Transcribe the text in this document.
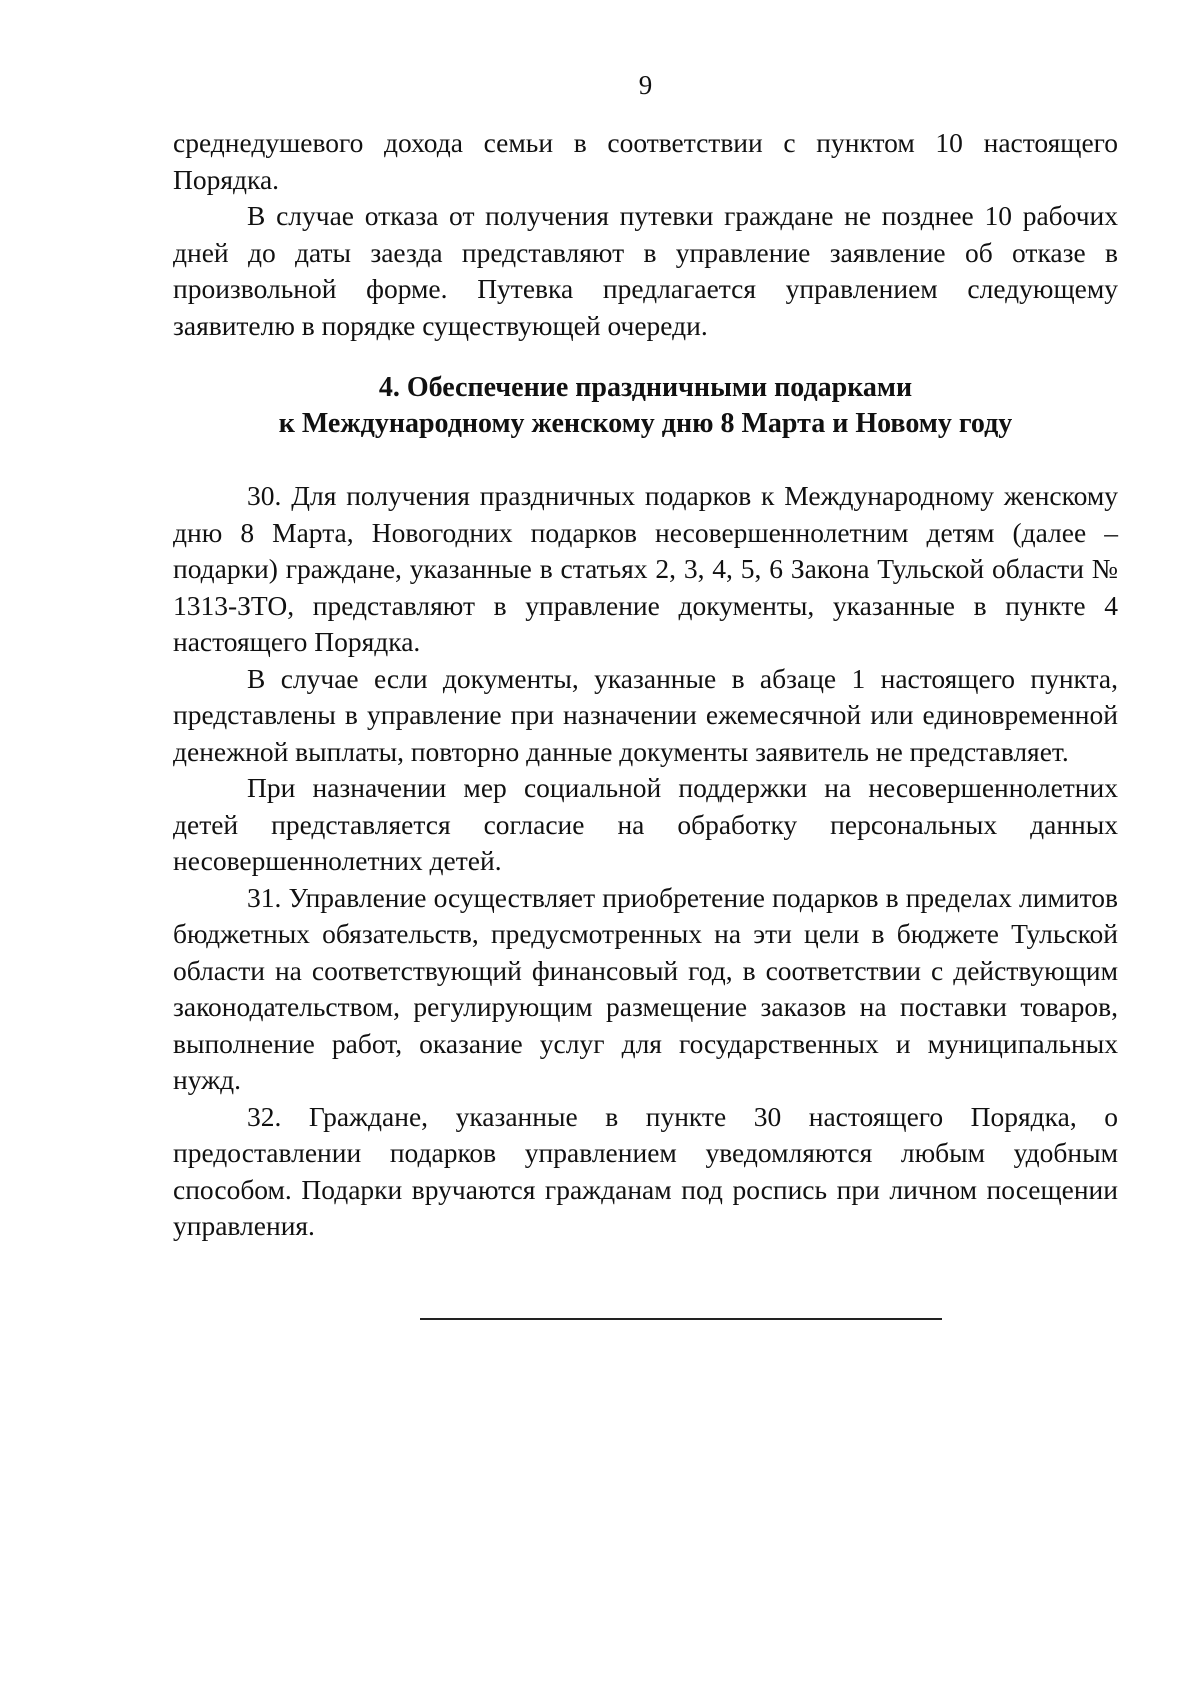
9

среднедушевого дохода семьи в соответствии с пунктом 10 настоящего Порядка.

В случае отказа от получения путевки граждане не позднее 10 рабочих дней до даты заезда представляют в управление заявление об отказе в произвольной форме. Путевка предлагается управлением следующему заявителю в порядке существующей очереди.

4. Обеспечение праздничными подарками
к Международному женскому дню 8 Марта и Новому году

30. Для получения праздничных подарков к Международному женскому дню 8 Марта, Новогодних подарков несовершеннолетним детям (далее – подарки) граждане, указанные в статьях 2, 3, 4, 5, 6 Закона Тульской области № 1313-ЗТО, представляют в управление документы, указанные в пункте 4 настоящего Порядка.

В случае если документы, указанные в абзаце 1 настоящего пункта, представлены в управление при назначении ежемесячной или единовременной денежной выплаты, повторно данные документы заявитель не представляет.

При назначении мер социальной поддержки на несовершеннолетних детей представляется согласие на обработку персональных данных несовершеннолетних детей.

31. Управление осуществляет приобретение подарков в пределах лимитов бюджетных обязательств, предусмотренных на эти цели в бюджете Тульской области на соответствующий финансовый год, в соответствии с действующим законодательством, регулирующим размещение заказов на поставки товаров, выполнение работ, оказание услуг для государственных и муниципальных нужд.

32. Граждане, указанные в пункте 30 настоящего Порядка, о предоставлении подарков управлением уведомляются любым удобным способом. Подарки вручаются гражданам под роспись при личном посещении управления.
